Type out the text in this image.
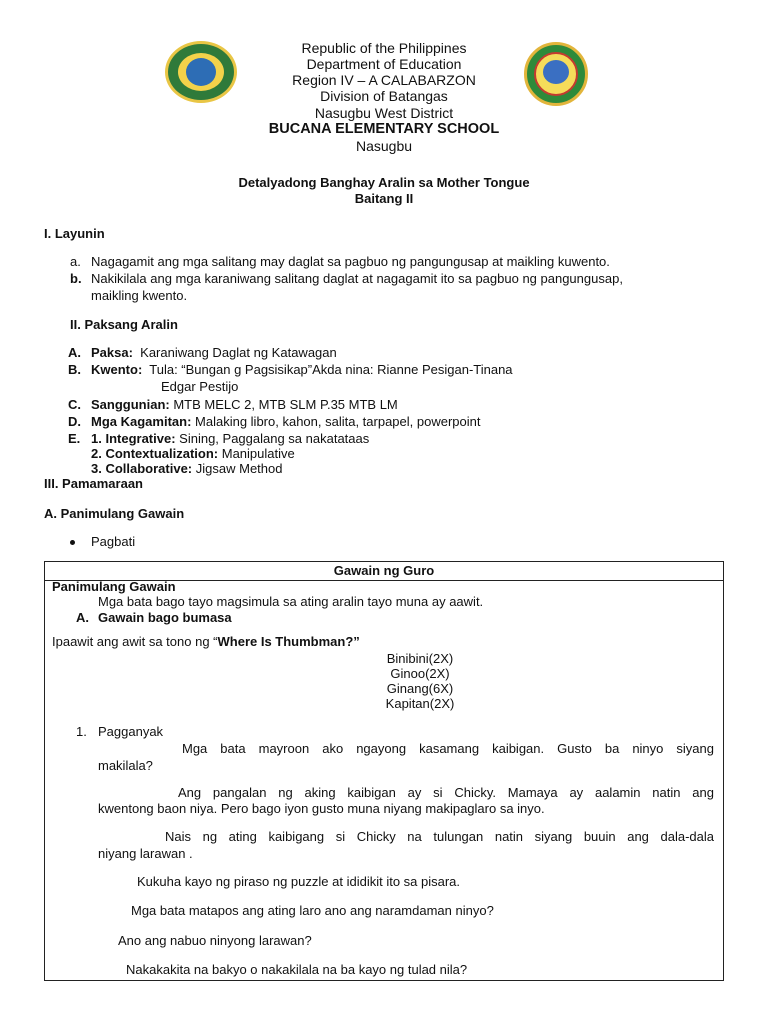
Republic of the Philippines
Department of Education
Region IV – A CALABARZON
Division of Batangas
Nasugbu West District
BUCANA ELEMENTARY SCHOOL
Nasugbu
Detalyadong Banghay Aralin sa Mother Tongue
Baitang II
I. Layunin
a. Nagagamit ang mga salitang may daglat sa pagbuo ng pangungusap at maikling kuwento.
b. Nakikilala ang mga karaniwang salitang daglat at nagagamit ito sa pagbuo ng pangungusap,
maikling kwento.
II. Paksang Aralin
A. Paksa: Karaniwang Daglat ng Katawagan
B. Kwento: Tula: “Bungan g Pagsisikap”Akda nina: Rianne Pesigan-Tinana
Edgar Pestijo
C. Sanggunian: MTB MELC 2, MTB SLM P.35 MTB LM
D. Mga Kagamitan: Malaking libro, kahon, salita, tarpapel, powerpoint
E. 1. Integrative: Sining, Paggalang sa nakatataas
2. Contextualization: Manipulative
3. Collaborative: Jigsaw Method
III. Pamamaraan
A. Panimulang Gawain
Pagbati
Gawain ng Guro
Panimulang Gawain
Mga bata bago tayo magsimula sa ating aralin tayo muna ay aawit.
A. Gawain bago bumasa
Ipaawit ang awit sa tono ng “Where Is Thumbman?”
Binibini(2X)
Ginoo(2X)
Ginang(6X)
Kapitan(2X)
1. Pagganyak
Mga bata mayroon ako ngayong kasamang kaibigan. Gusto ba ninyo siyang
makilala?
Ang pangalan ng aking kaibigan ay si Chicky. Mamaya ay aalamin natin ang
kwentong baon niya. Pero bago iyon gusto muna niyang makipaglaro sa inyo.
Nais ng ating kaibigang si Chicky na tulungan natin siyang buuin ang dala-dala
niyang larawan .
Kukuha kayo ng piraso ng puzzle at ididikit ito sa pisara.
Mga bata matapos ang ating laro ano ang naramdaman ninyo?
Ano ang nabuo ninyong larawan?
Nakakakita na bakyo o nakakilala na ba kayo ng tulad nila?
